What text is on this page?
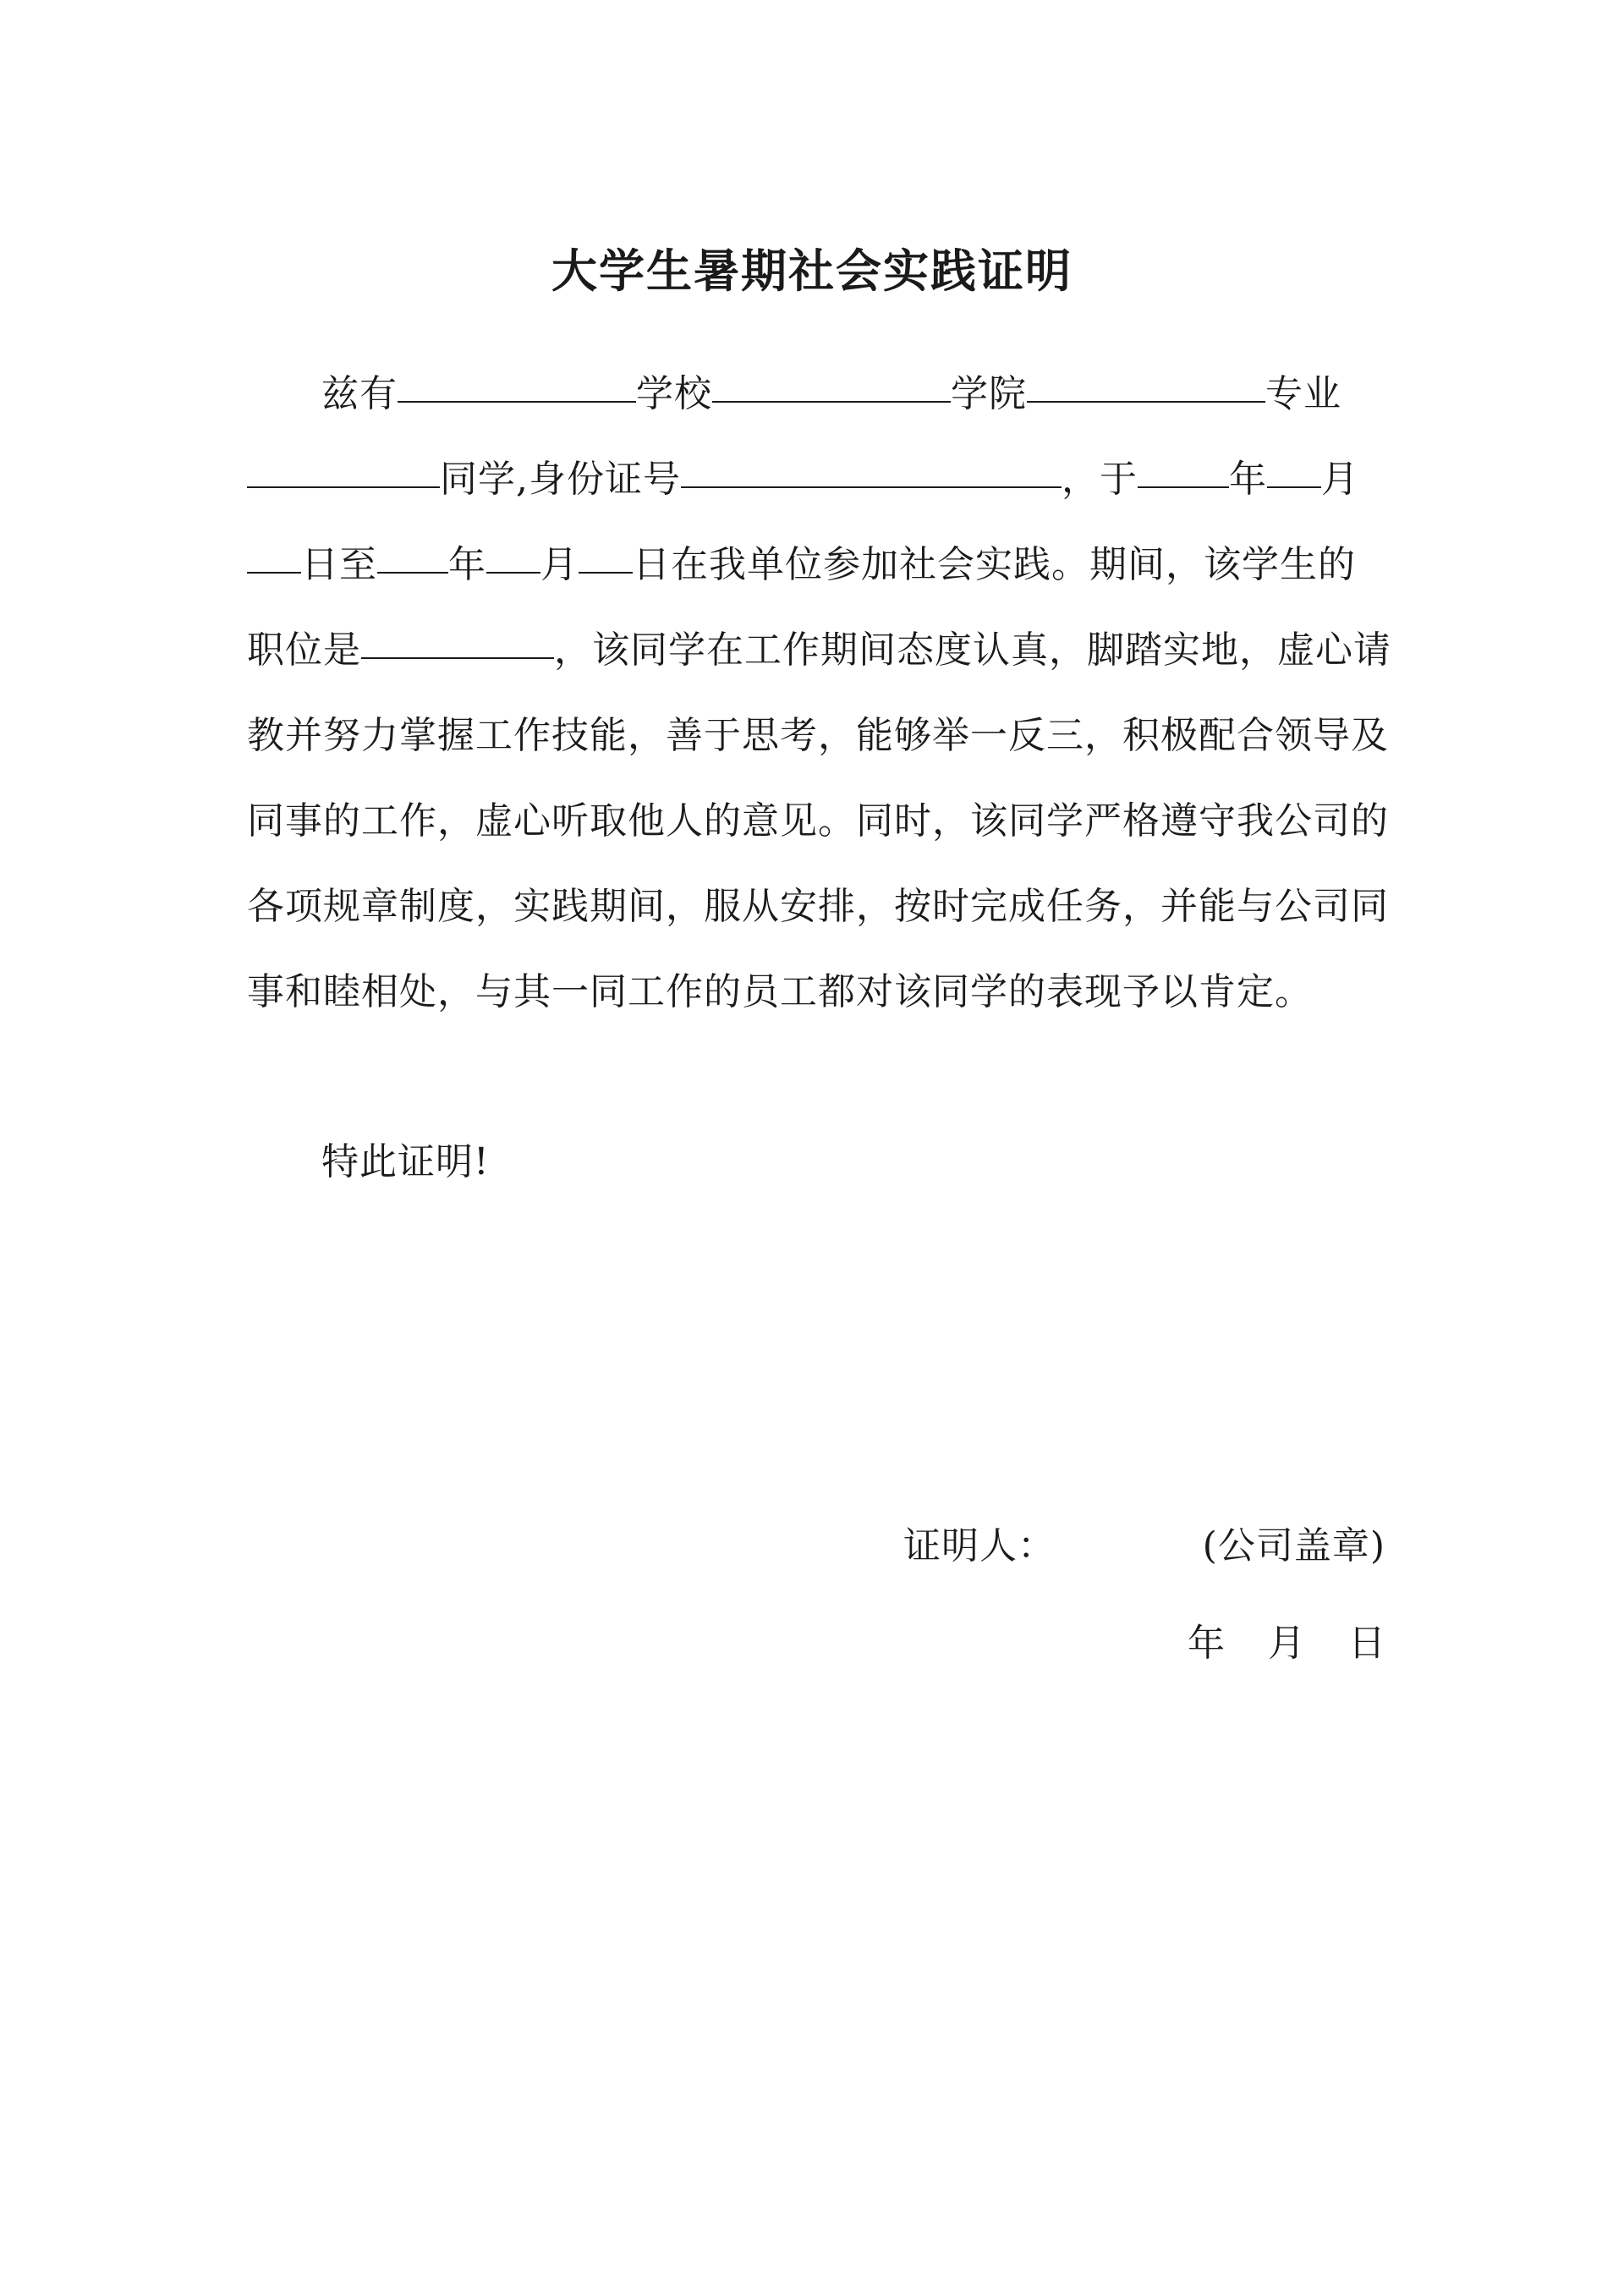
大学生暑期社会实践证明
兹有	学校	学院	专业
同学,身份证号	，于 年 月
日至 年 月 日在我单位参加社会实践。期间，该学生的
职位是	，该同学在工作期间态度认真，脚踏实地，虚心请
教并努力掌握工作技能，善于思考，能够举一反三，积极配合领导及
同事的工作，虚心听取他人的意见。同时，该同学严格遵守我公司的
各项规章制度，实践期间，服从安排，按时完成任务，并能与公司同
事和睦相处，与其一同工作的员工都对该同学的表现予以肯定。
特此证明!
证明人：	(公司盖章)
年 月 日
